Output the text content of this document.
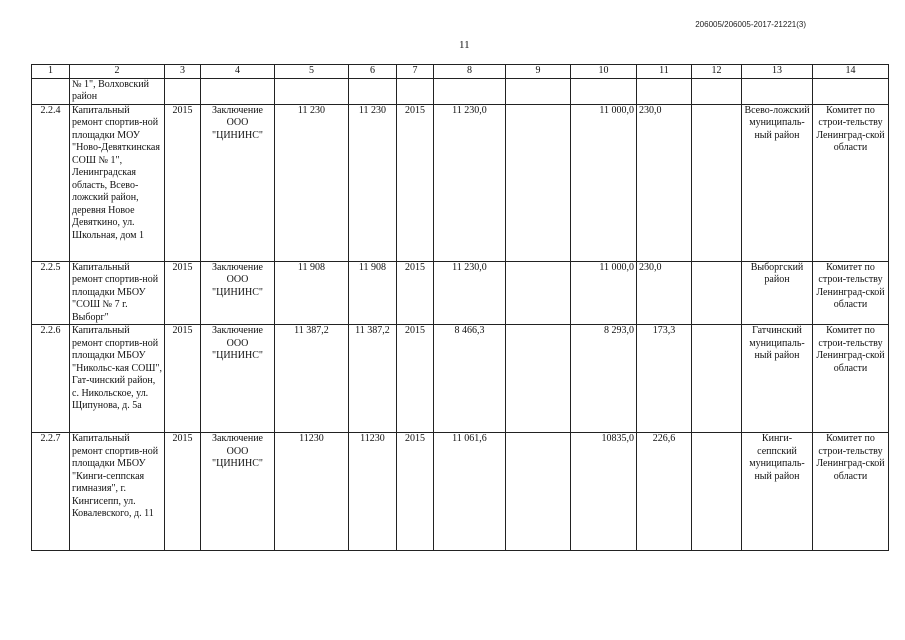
206005/206005-2017-21221(3)
11
1	2	3	4	5	6	7	8	9	10	11	12	13	14
	№ 1", Волховский район												
2.2.4	Капитальный ремонт спортив-ной площадки МОУ "Ново-Девяткинская СОШ № 1", Ленинградская область, Всево-ложский район, деревня Новое Девяткино, ул. Школьная, дом 1	2015	Заключение ООО "ЦИНИНС"	11 230	11 230	2015	11 230,0		11 000,0	230,0		Всево-ложский муниципаль-ный район	Комитет по строи-тельству Ленинград-ской области
2.2.5	Капитальный ремонт спортив-ной площадки МБОУ "СОШ № 7 г. Выборг"	2015	Заключение ООО "ЦИНИНС"	11 908	11 908	2015	11 230,0		11 000,0	230,0		Выборгский район	Комитет по строи-тельству Ленинград-ской области
2.2.6	Капитальный ремонт спортив-ной площадки МБОУ "Никольс-кая СОШ", Гат-чинский район, с. Никольское, ул. Щипунова, д. 5а	2015	Заключение ООО "ЦИНИНС"	11 387,2	11 387,2	2015	8 466,3		8 293,0	173,3		Гатчинский муниципаль-ный район	Комитет по строи-тельству Ленинград-ской области
2.2.7	Капитальный ремонт спортив-ной площадки МБОУ "Кинги-сеппская гимназия", г. Кингисепп, ул. Ковалевского, д. 11	2015	Заключение ООО "ЦИНИНС"	11230	11230	2015	11 061,6		10835,0	226,6		Кинги-сеппский муниципаль-ный район	Комитет по строи-тельству Ленинград-ской области
